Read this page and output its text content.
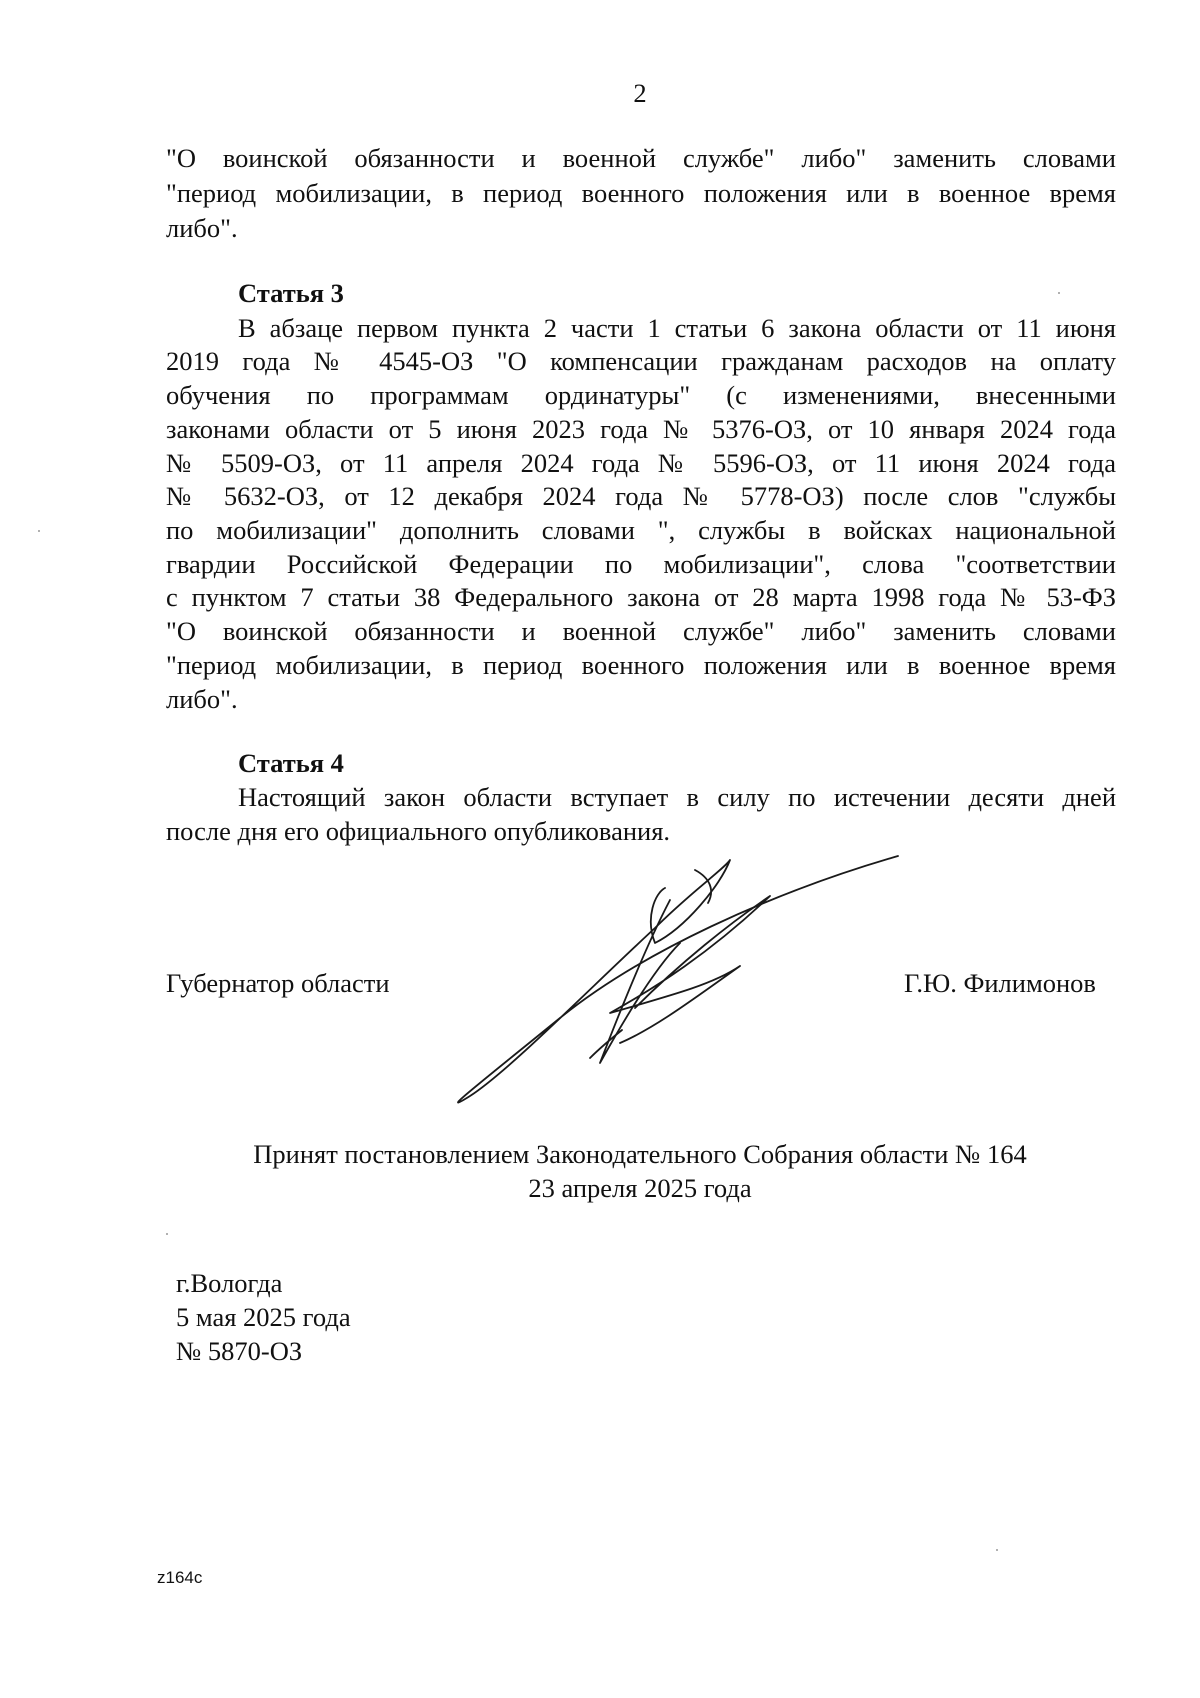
2
"О воинской обязанности и военной службе" либо" заменить словами
"период мобилизации, в период военного положения или в военное время
либо".
Статья 3
В абзаце первом пункта 2 части 1 статьи 6 закона области от 11 июня
2019 года № 4545-ОЗ "О компенсации гражданам расходов на оплату
обучения по программам ординатуры" (с изменениями, внесенными
законами области от 5 июня 2023 года № 5376-ОЗ, от 10 января 2024 года
№ 5509-ОЗ, от 11 апреля 2024 года № 5596-ОЗ, от 11 июня 2024 года
№ 5632-ОЗ, от 12 декабря 2024 года № 5778-ОЗ) после слов "службы
по мобилизации" дополнить словами ", службы в войсках национальной
гвардии Российской Федерации по мобилизации", слова "соответствии
с пунктом 7 статьи 38 Федерального закона от 28 марта 1998 года № 53-ФЗ
"О воинской обязанности и военной службе" либо" заменить словами
"период мобилизации, в период военного положения или в военное время
либо".
Статья 4
Настоящий закон области вступает в силу по истечении десяти дней
после дня его официального опубликования.
Губернатор области	Г.Ю. Филимонов
Принят постановлением Законодательного Собрания области № 164
23 апреля 2025 года
г.Вологда
5 мая 2025 года
№ 5870-ОЗ
z164c
